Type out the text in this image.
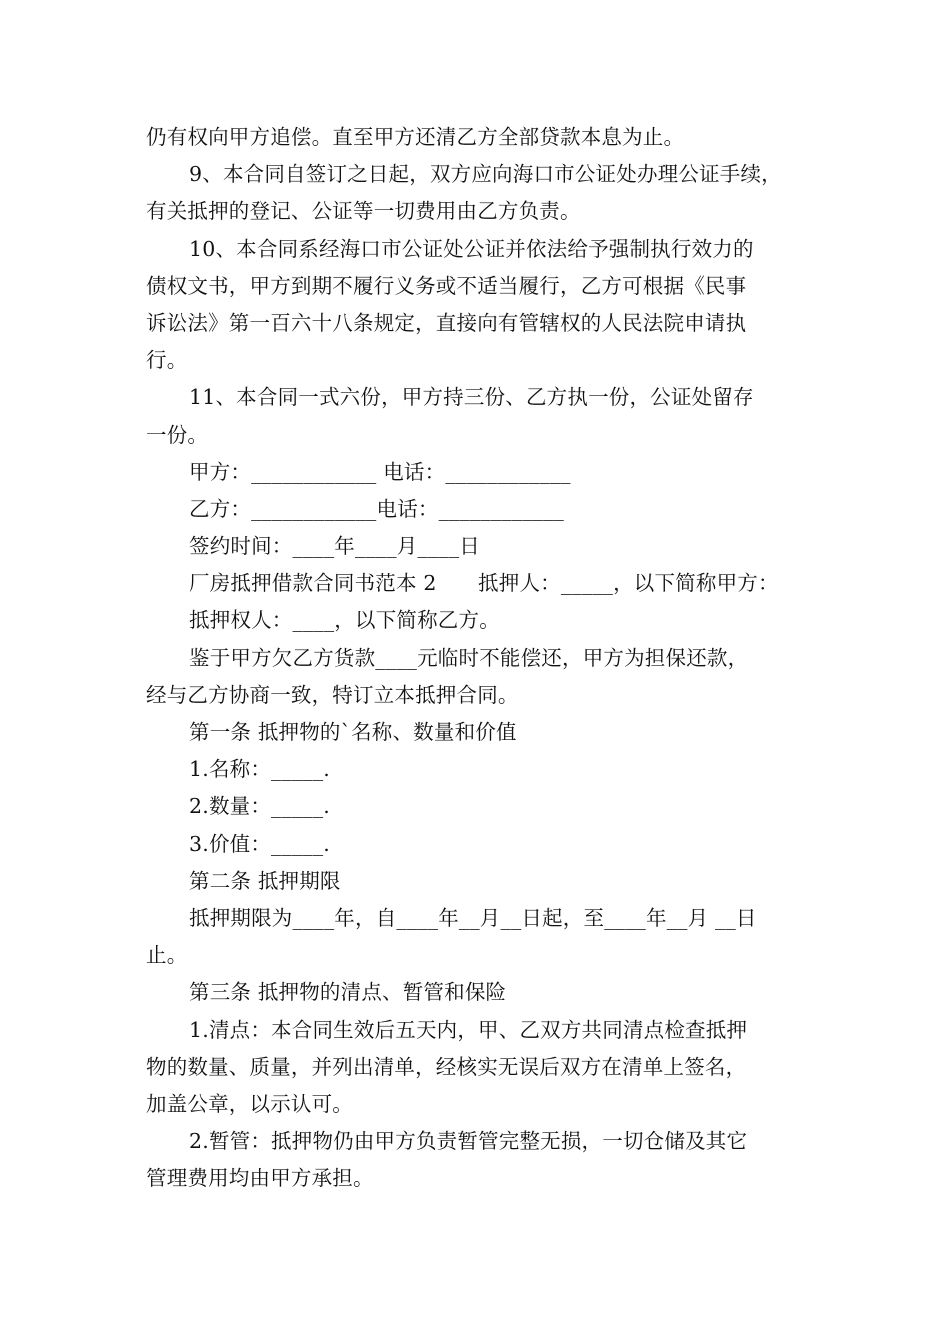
仍有权向甲方追偿。直至甲方还清乙方全部贷款本息为止。
9、本合同自签订之日起，双方应向海口市公证处办理公证手续，
有关抵押的登记、公证等一切费用由乙方负责。
10、本合同系经海口市公证处公证并依法给予强制执行效力的
债权文书，甲方到期不履行义务或不适当履行，乙方可根据《民事
诉讼法》第一百六十八条规定，直接向有管辖权的人民法院申请执
行。
11、本合同一式六份，甲方持三份、乙方执一份，公证处留存
一份。
甲方：____________ 电话：____________
乙方：____________电话：____________
签约时间：____年____月____日
厂房抵押借款合同书范本 2　　抵押人：_____，以下简称甲方：
抵押权人：____，以下简称乙方。
鉴于甲方欠乙方货款____元临时不能偿还，甲方为担保还款，
经与乙方协商一致，特订立本抵押合同。
第一条 抵押物的`名称、数量和价值
1.名称：_____.
2.数量：_____.
3.价值：_____.
第二条 抵押期限
抵押期限为____年，自____年__月__日起，至____年__月 __日
止。
第三条 抵押物的清点、暂管和保险
1.清点：本合同生效后五天内，甲、乙双方共同清点检查抵押
物的数量、质量，并列出清单，经核实无误后双方在清单上签名，
加盖公章，以示认可。
2.暂管：抵押物仍由甲方负责暂管完整无损，一切仓储及其它
管理费用均由甲方承担。
